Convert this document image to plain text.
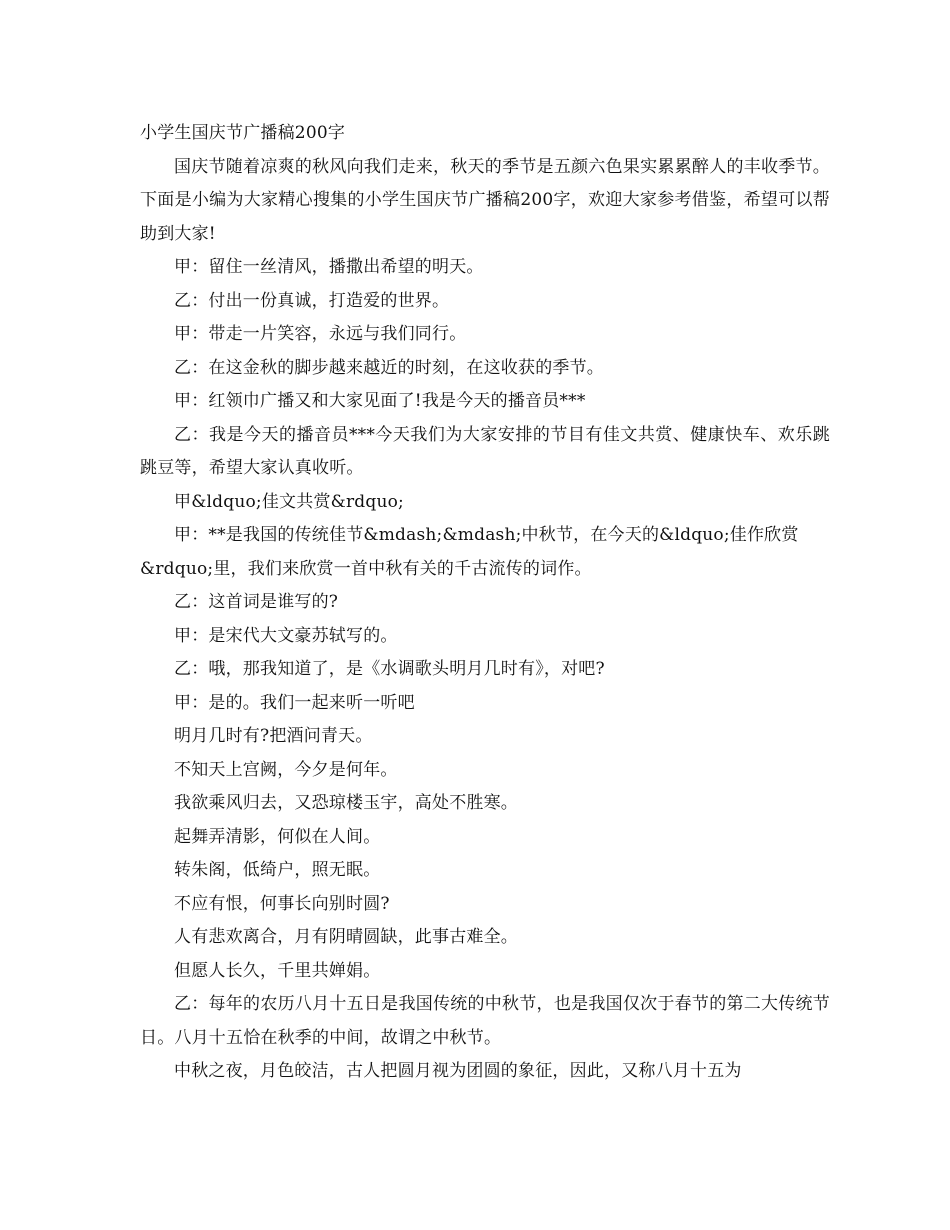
小学生国庆节广播稿200字

国庆节随着凉爽的秋风向我们走来，秋天的季节是五颜六色果实累累醉人的丰收季节。下面是小编为大家精心搜集的小学生国庆节广播稿200字，欢迎大家参考借鉴，希望可以帮助到大家!

甲：留住一丝清风，播撒出希望的明天。

乙：付出一份真诚，打造爱的世界。

甲：带走一片笑容，永远与我们同行。

乙：在这金秋的脚步越来越近的时刻，在这收获的季节。

甲：红领巾广播又和大家见面了!我是今天的播音员***

乙：我是今天的播音员***今天我们为大家安排的节目有佳文共赏、健康快车、欢乐跳跳豆等，希望大家认真收听。

甲&ldquo;佳文共赏&rdquo;

甲：**是我国的传统佳节&mdash;&mdash;中秋节，在今天的&ldquo;佳作欣赏&rdquo;里，我们来欣赏一首中秋有关的千古流传的词作。

乙：这首词是谁写的?

甲：是宋代大文豪苏轼写的。

乙：哦，那我知道了，是《水调歌头明月几时有》，对吧?

甲：是的。我们一起来听一听吧

明月几时有?把酒问青天。

不知天上宫阙，今夕是何年。

我欲乘风归去，又恐琼楼玉宇，高处不胜寒。

起舞弄清影，何似在人间。

转朱阁，低绮户，照无眠。

不应有恨，何事长向别时圆?

人有悲欢离合，月有阴晴圆缺，此事古难全。

但愿人长久，千里共婵娟。

乙：每年的农历八月十五日是我国传统的中秋节，也是我国仅次于春节的第二大传统节日。八月十五恰在秋季的中间，故谓之中秋节。

中秋之夜，月色皎洁，古人把圆月视为团圆的象征，因此，又称八月十五为
